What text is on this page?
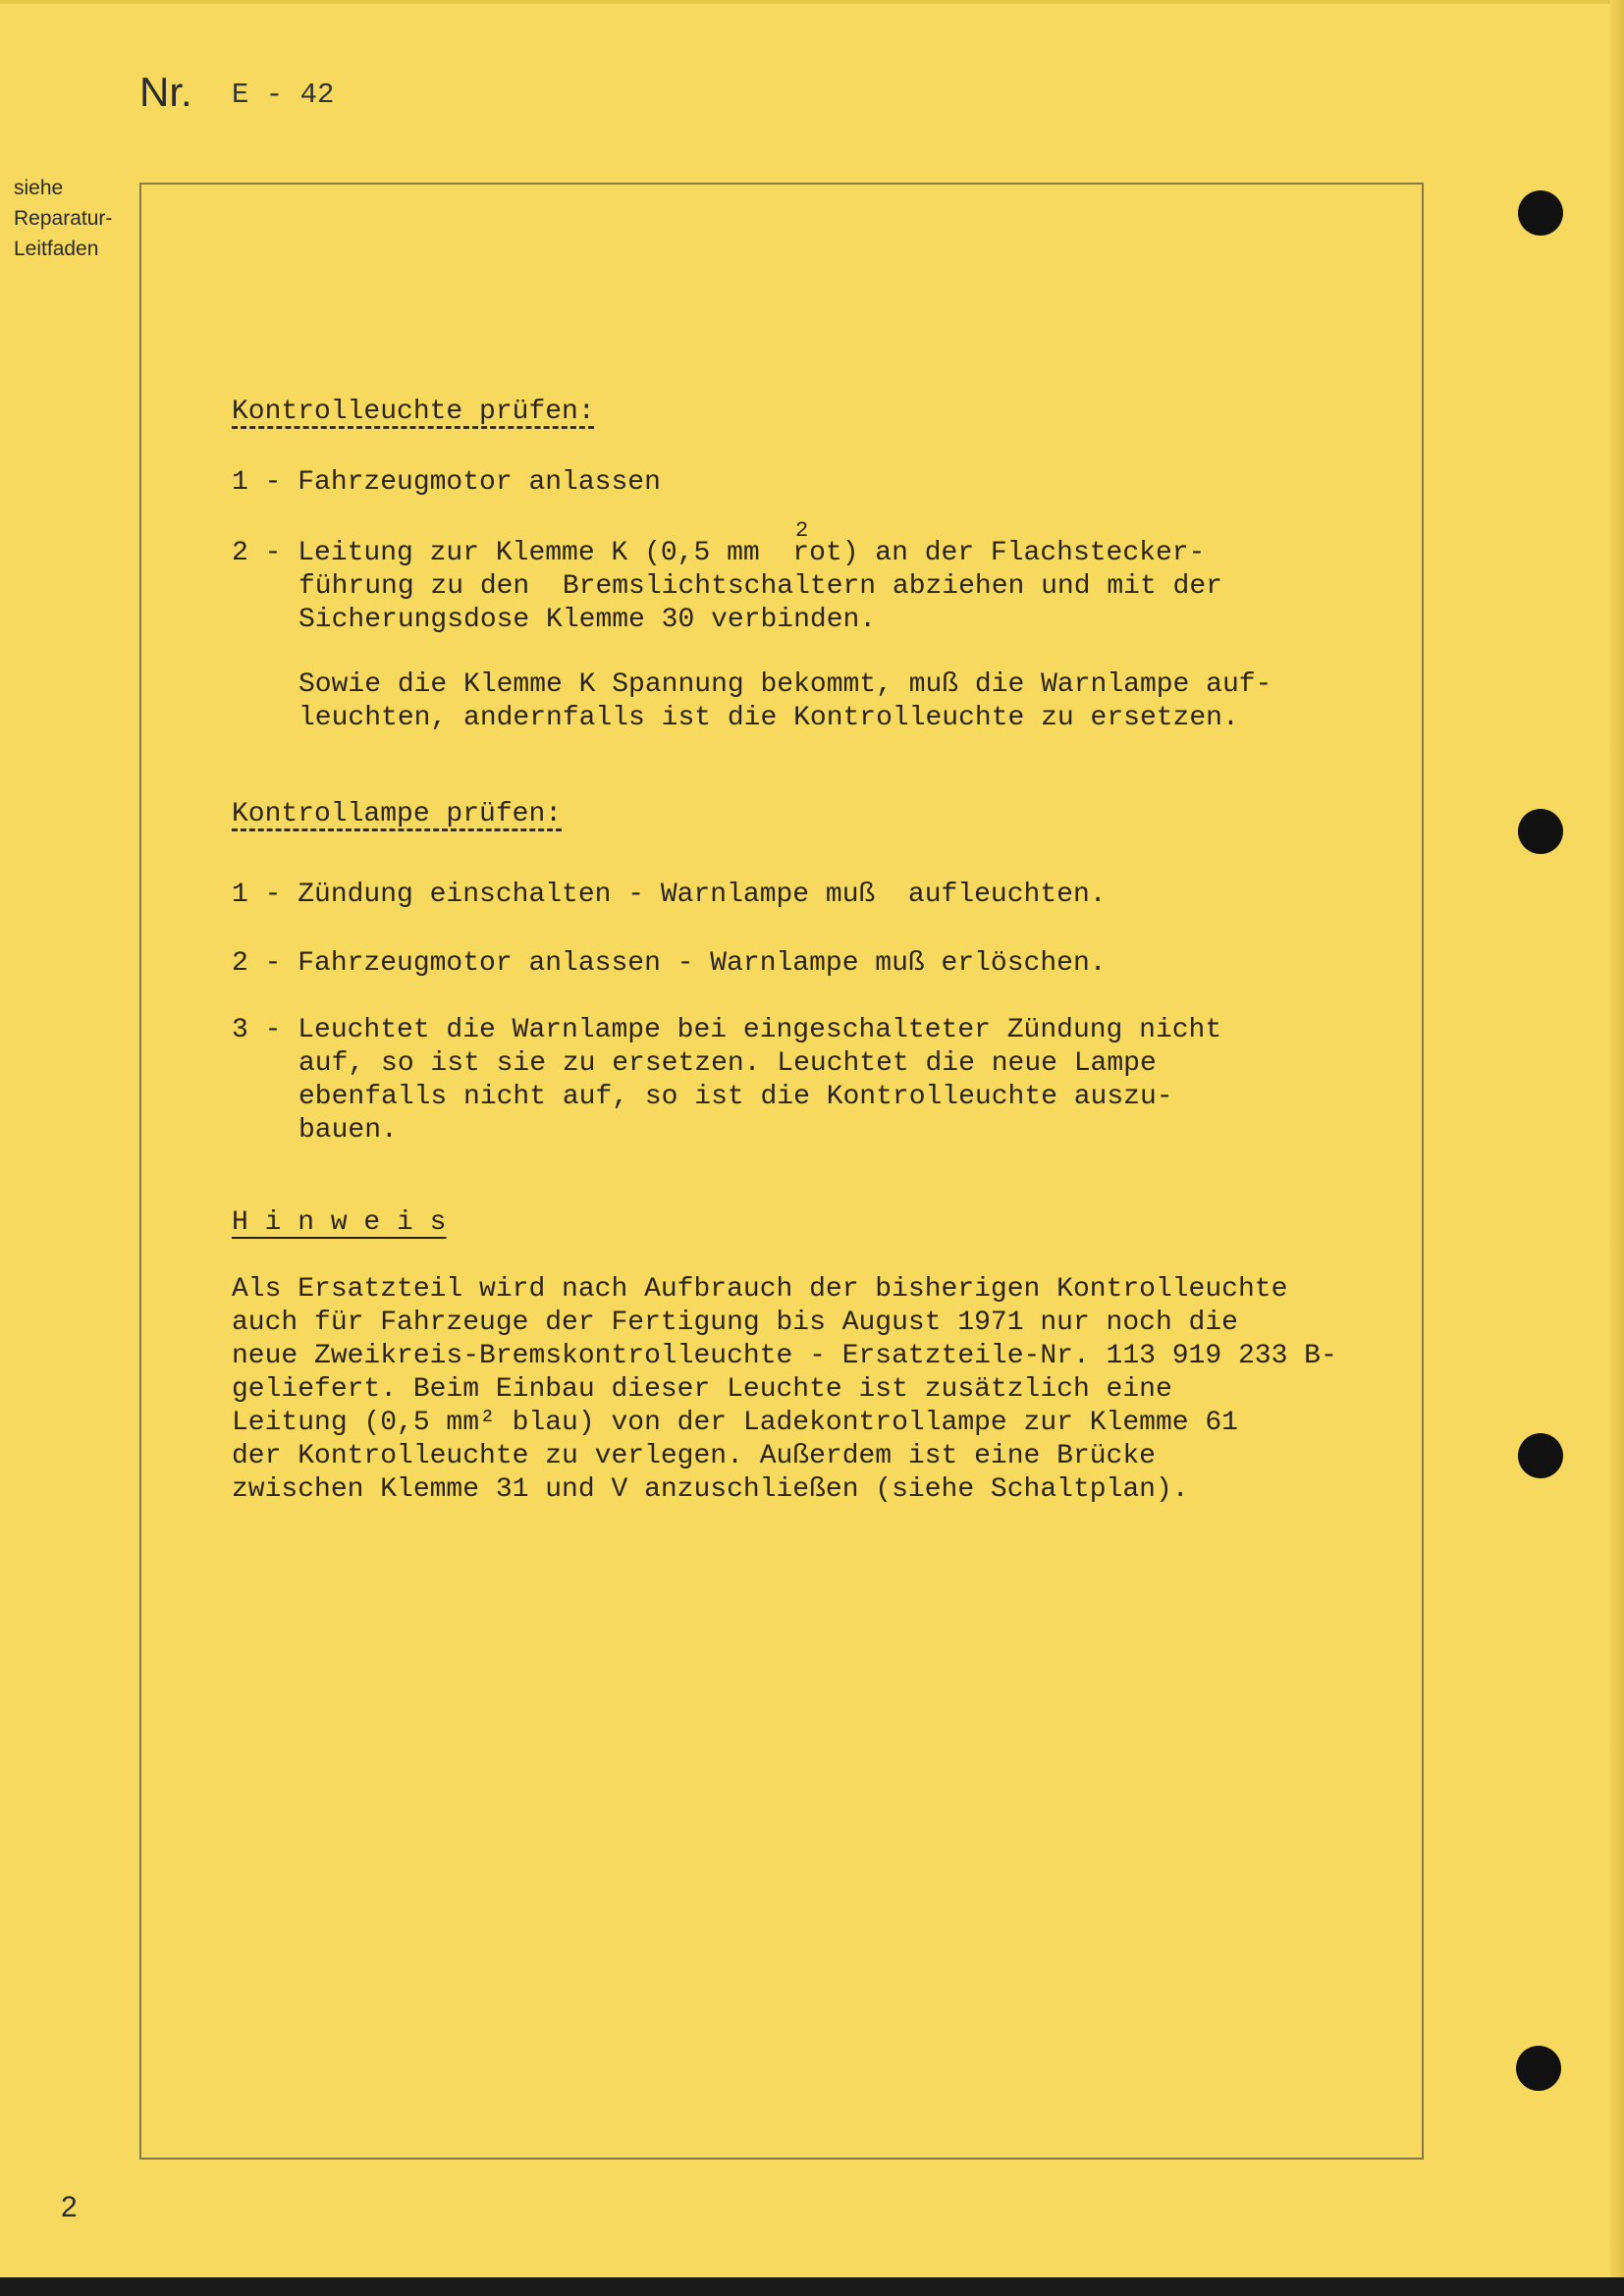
Nr. E - 42
siehe
Reparatur-
Leitfaden
Kontrolleuchte prüfen:
1 - Fahrzeugmotor anlassen
2 - Leitung zur Klemme K (0,5 mm  rot) an der Flachstecker-
2
führung zu den  Bremslichtschaltern abziehen und mit der
Sicherungsdose Klemme 30 verbinden.
Sowie die Klemme K Spannung bekommt, muß die Warnlampe auf-
leuchten, andernfalls ist die Kontrolleuchte zu ersetzen.
Kontrollampe prüfen:
1 - Zündung einschalten - Warnlampe muß  aufleuchten.
2 - Fahrzeugmotor anlassen - Warnlampe muß erlöschen.
3 - Leuchtet die Warnlampe bei eingeschalteter Zündung nicht
auf, so ist sie zu ersetzen. Leuchtet die neue Lampe
ebenfalls nicht auf, so ist die Kontrolleuchte auszu-
bauen.
H i n w e i s
Als Ersatzteil wird nach Aufbrauch der bisherigen Kontrolleuchte
auch für Fahrzeuge der Fertigung bis August 1971 nur noch die
neue Zweikreis-Bremskontrolleuchte - Ersatzteile-Nr. 113 919 233 B-
geliefert. Beim Einbau dieser Leuchte ist zusätzlich eine
Leitung (0,5 mm² blau) von der Ladekontrollampe zur Klemme 61
der Kontrolleuchte zu verlegen. Außerdem ist eine Brücke
zwischen Klemme 31 und V anzuschließen (siehe Schaltplan).
2
